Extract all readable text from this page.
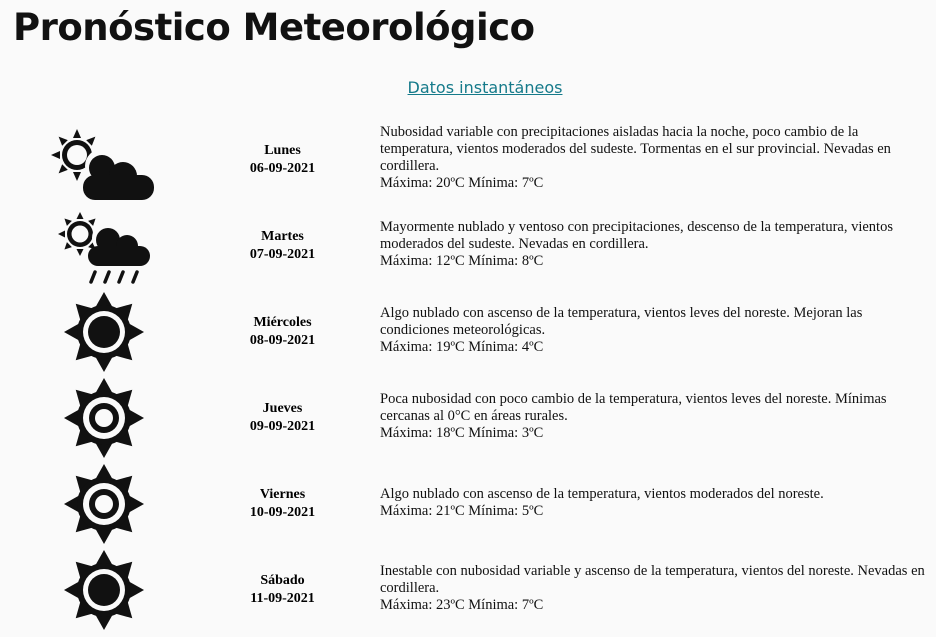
Pronóstico Meteorológico
Datos instantáneos
Lunes
06-09-2021
Nubosidad variable con precipitaciones aisladas hacia la noche, poco cambio de la temperatura, vientos moderados del sudeste. Tormentas en el sur provincial. Nevadas en cordillera.
Máxima: 20ºC Mínima: 7ºC
Martes
07-09-2021
Mayormente nublado y ventoso con precipitaciones, descenso de la temperatura, vientos moderados del sudeste. Nevadas en cordillera.
Máxima: 12ºC Mínima: 8ºC
Miércoles
08-09-2021
Algo nublado con ascenso de la temperatura, vientos leves del noreste. Mejoran las condiciones meteorológicas.
Máxima: 19ºC Mínima: 4ºC
Jueves
09-09-2021
Poca nubosidad con poco cambio de la temperatura, vientos leves del noreste. Mínimas cercanas al 0°C en áreas rurales.
Máxima: 18ºC Mínima: 3ºC
Viernes
10-09-2021
Algo nublado con ascenso de la temperatura, vientos moderados del noreste.
Máxima: 21ºC Mínima: 5ºC
Sábado
11-09-2021
Inestable con nubosidad variable y ascenso de la temperatura, vientos del noreste. Nevadas en cordillera.
Máxima: 23ºC Mínima: 7ºC
